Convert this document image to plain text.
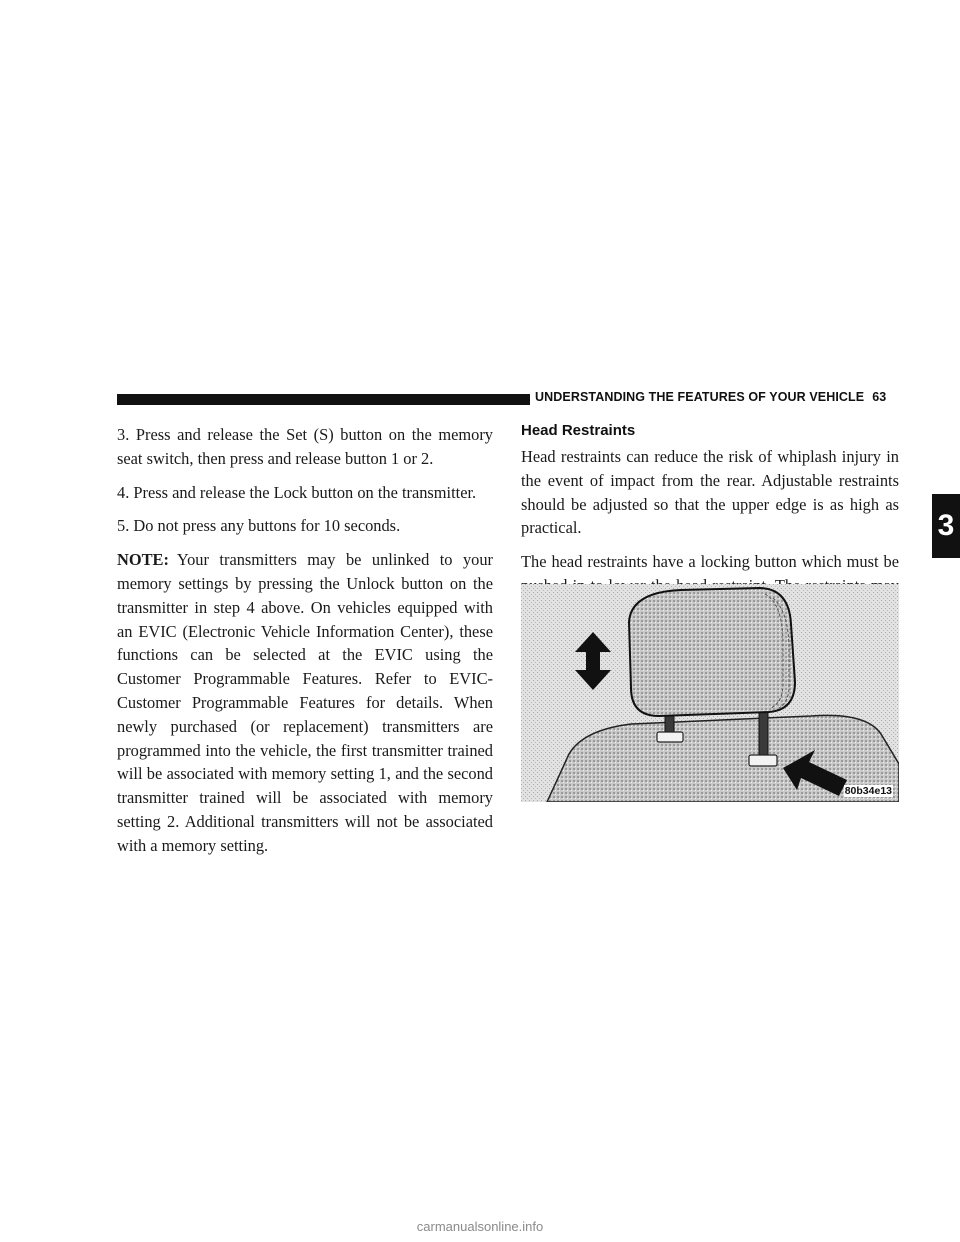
UNDERSTANDING THE FEATURES OF YOUR VEHICLE 63

3. Press and release the Set (S) button on the memory seat switch, then press and release button 1 or 2.

4. Press and release the Lock button on the transmitter.

5. Do not press any buttons for 10 seconds.

NOTE: Your transmitters may be unlinked to your memory settings by pressing the Unlock button on the transmitter in step 4 above. On vehicles equipped with an EVIC (Electronic Vehicle Information Center), these functions can be selected at the EVIC using the Customer Programmable Features. Refer to EVIC-Customer Programmable Features for details. When newly purchased (or replacement) transmitters are programmed into the vehicle, the first transmitter trained will be associated with memory setting 1, and the second transmitter trained will be associated with memory setting 2. Additional transmitters will not be associated with a memory setting.

Head Restraints

Head restraints can reduce the risk of whiplash injury in the event of impact from the rear. Adjustable restraints should be adjusted so that the upper edge is as high as practical.

The head restraints have a locking button which must be

80b34e13
3
carmanualsonline.info
